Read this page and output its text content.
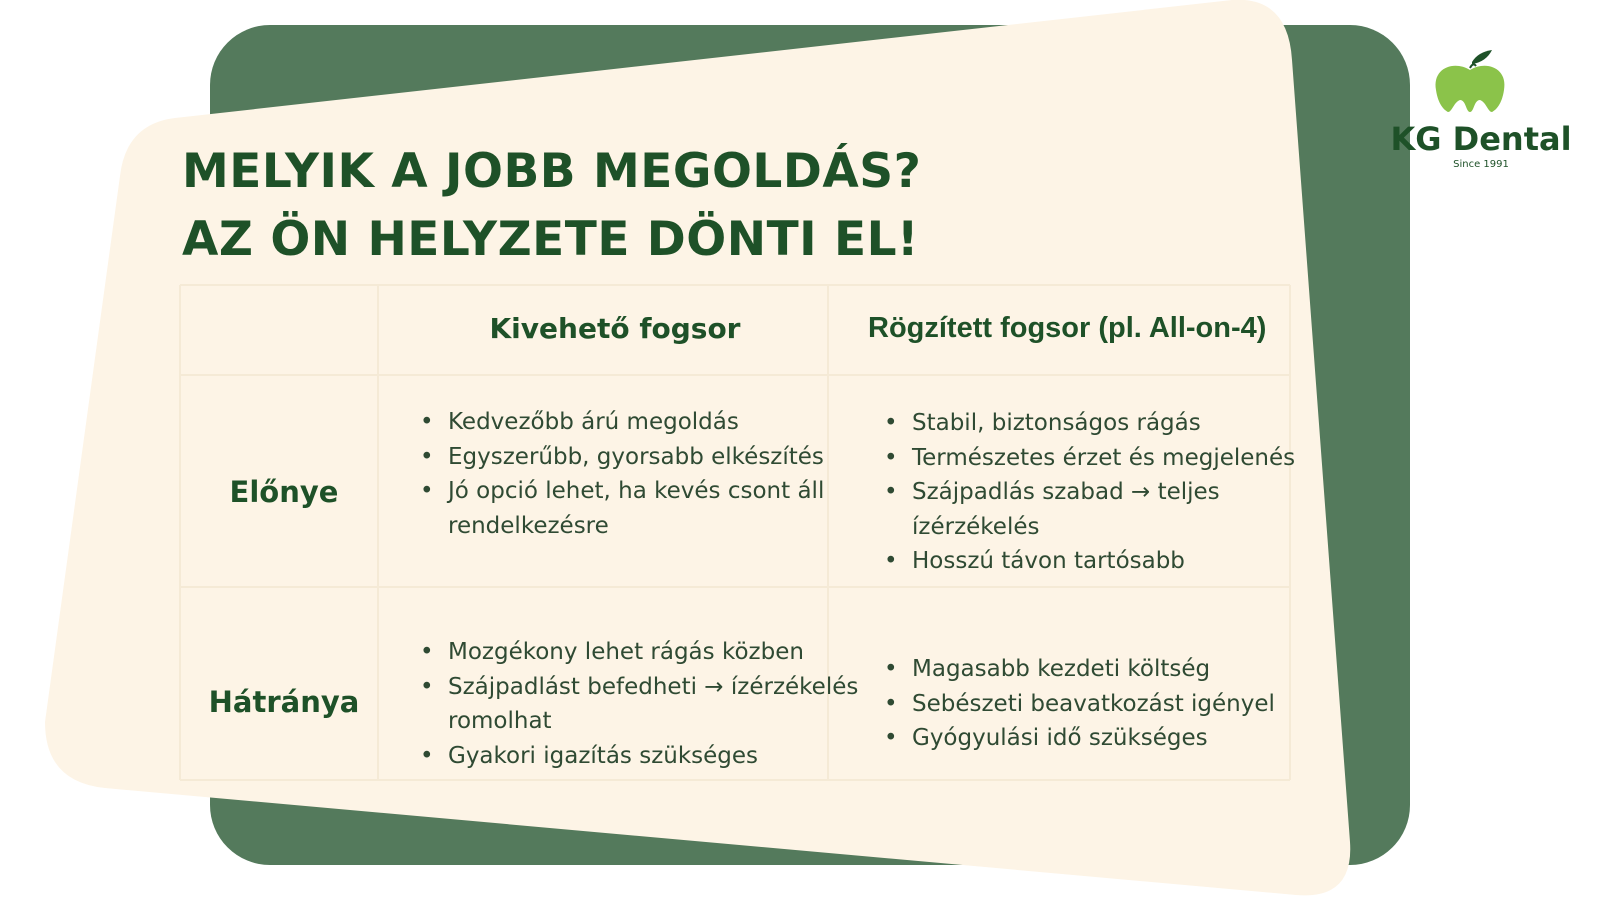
MELYIK A JOBB MEGOLDÁS?
AZ ÖN HELYZETE DÖNTI EL!
Kivehető fogsor	Rögzített fogsor (pl. All-on-4)
Előnye
Hátránya
• Kedvezőbb árú megoldás
• Egyszerűbb, gyorsabb elkészítés
• Jó opció lehet, ha kevés csont áll rendelkezésre
• Stabil, biztonságos rágás
• Természetes érzet és megjelenés
• Szájpadlás szabad → teljes ízérzékelés
• Hosszú távon tartósabb
• Mozgékony lehet rágás közben
• Szájpadlást befedheti → ízérzékelés romolhat
• Gyakori igazítás szükséges
• Magasabb kezdeti költség
• Sebészeti beavatkozást igényel
• Gyógyulási idő szükséges
KG Dental
Since 1991
